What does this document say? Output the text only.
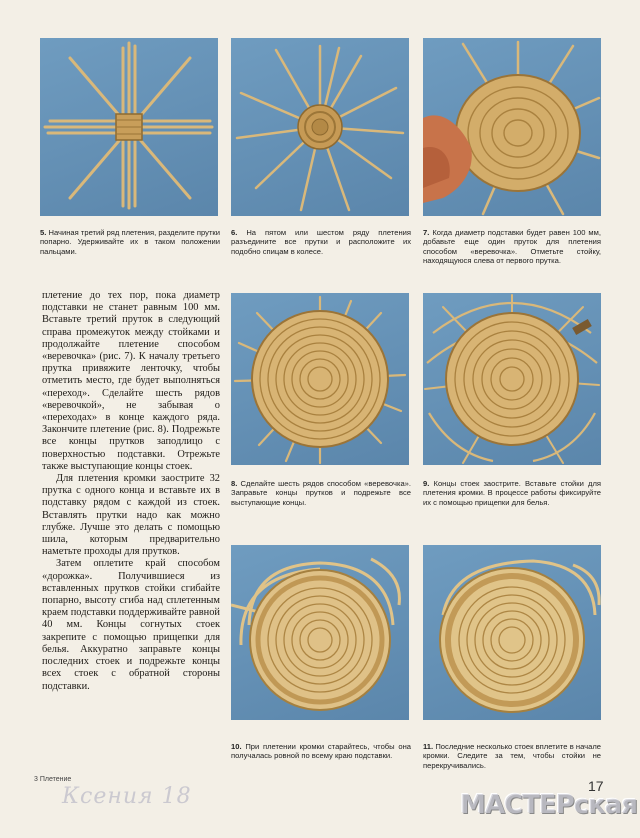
5. Начиная третий ряд плетения, разделите прутки попарно. Удерживайте их в таком положении пальцами.
6. На пятом или шестом ряду плетения разъедините все прутки и расположите их подобно спицам в колесе.
7. Когда диаметр подставки будет равен 100 мм, добавьте еще один пруток для плетения способом «веревочка». Отметьте стойку, находящуюся слева от первого прутка.

плетение до тех пор, пока диаметр подставки не станет равным 100 мм. Вставьте третий пруток в следующий справа промежуток между стойками и продолжайте плетение способом «веревочка» (рис. 7). К началу третьего прутка привяжите ленточку, чтобы отметить место, где будет выполняться «переход». Сделайте шесть рядов «веревочкой», не забывая о «переходах» в конце каждого ряда. Закончите плетение (рис. 8). Подрежьте все концы прутков заподлицо с поверхностью подставки. Отрежьте также выступающие концы стоек.

Для плетения кромки заострите 32 прутка с одного конца и вставьте их в подставку рядом с каждой из стоек. Вставлять прутки надо как можно глубже. Лучше это делать с помощью шила, которым предварительно наметьте проходы для прутков.

Затем оплетите край способом «дорожка». Получившиеся из вставленных прутков стойки сгибайте попарно, высоту сгиба над сплетенным краем подставки поддерживайте равной 40 мм. Концы согнутых стоек закрепите с помощью прищепки для белья. Аккуратно заправьте концы последних стоек и подрежьте концы всех стоек с обратной стороны подставки.

8. Сделайте шесть рядов способом «веревочка». Заправьте концы прутков и подрежьте все выступающие концы.
9. Концы стоек заострите. Вставьте стойки для плетения кромки. В процессе работы фиксируйте их с помощью прищепки для белья.
10. При плетении кромки старайтесь, чтобы она получалась ровной по всему краю подставки.
11. Последние несколько стоек вплетите в начале кромки. Следите за тем, чтобы стойки не перекручивались.
3 Плетение	17
Ксения 18	МАСТЕРская
